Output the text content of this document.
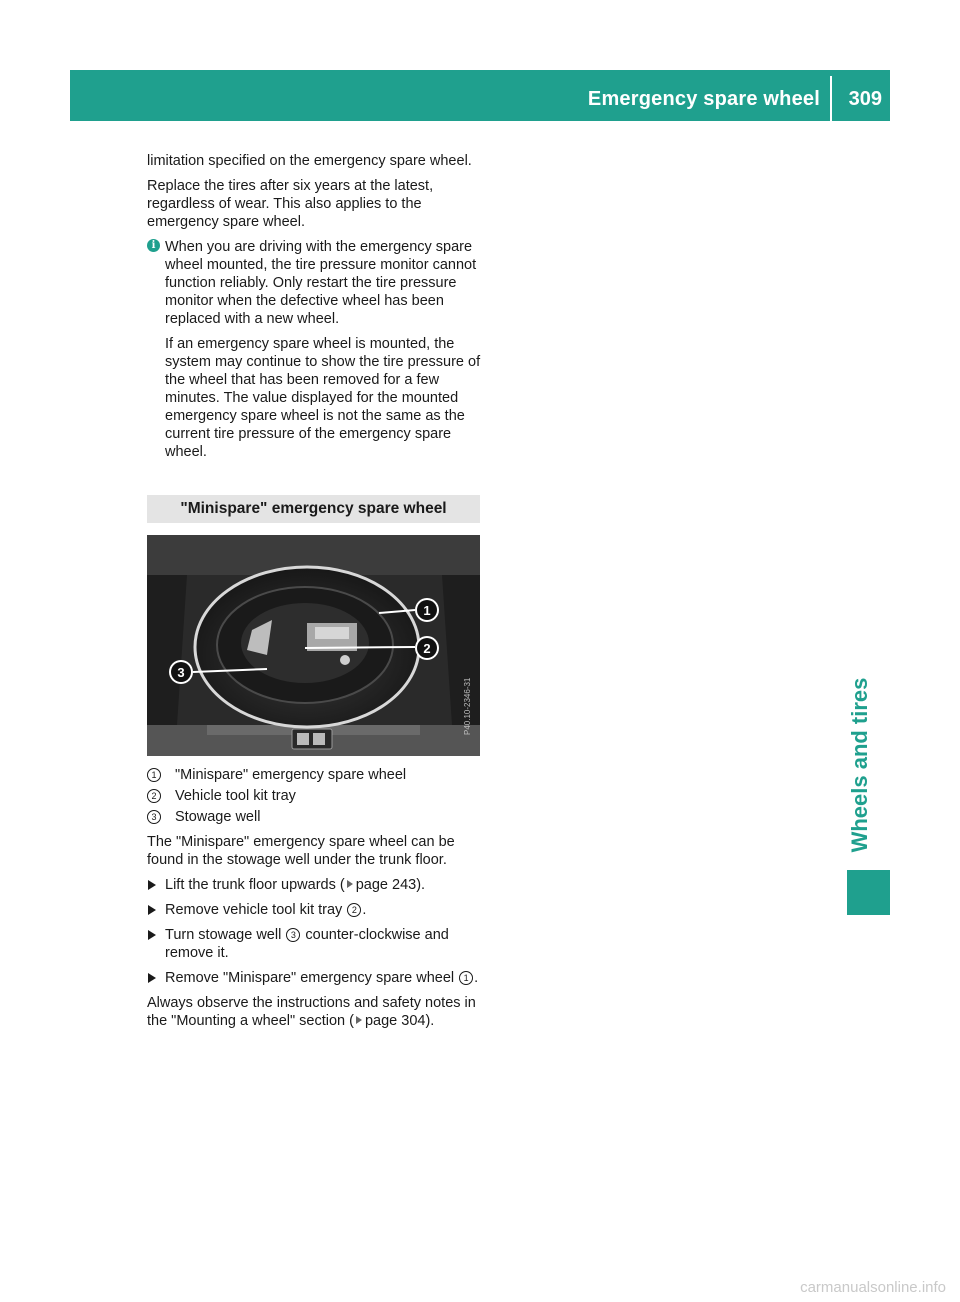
Emergency spare wheel 309
Wheels and tires

limitation specified on the emergency spare wheel.

Replace the tires after six years at the latest, regardless of wear. This also applies to the emergency spare wheel.

i When you are driving with the emergency spare wheel mounted, the tire pressure monitor cannot function reliably. Only restart the tire pressure monitor when the defective wheel has been replaced with a new wheel.

If an emergency spare wheel is mounted, the system may continue to show the tire pressure of the wheel that has been removed for a few minutes. The value displayed for the mounted emergency spare wheel is not the same as the current tire pressure of the emergency spare wheel.

"Minispare" emergency spare wheel
1
2
3
P40.10-2346-31
1	"Minispare" emergency spare wheel
2	Vehicle tool kit tray
3	Stowage well

The "Minispare" emergency spare wheel can be found in the stowage well under the trunk floor.

Lift the trunk floor upwards ( page 243).
Remove vehicle tool kit tray 2 .
Turn stowage well 3 counter-clockwise and remove it.
Remove "Minispare" emergency spare wheel 1 .

Always observe the instructions and safety notes in the "Mounting a wheel" section ( page 304).

carmanualsonline.info
